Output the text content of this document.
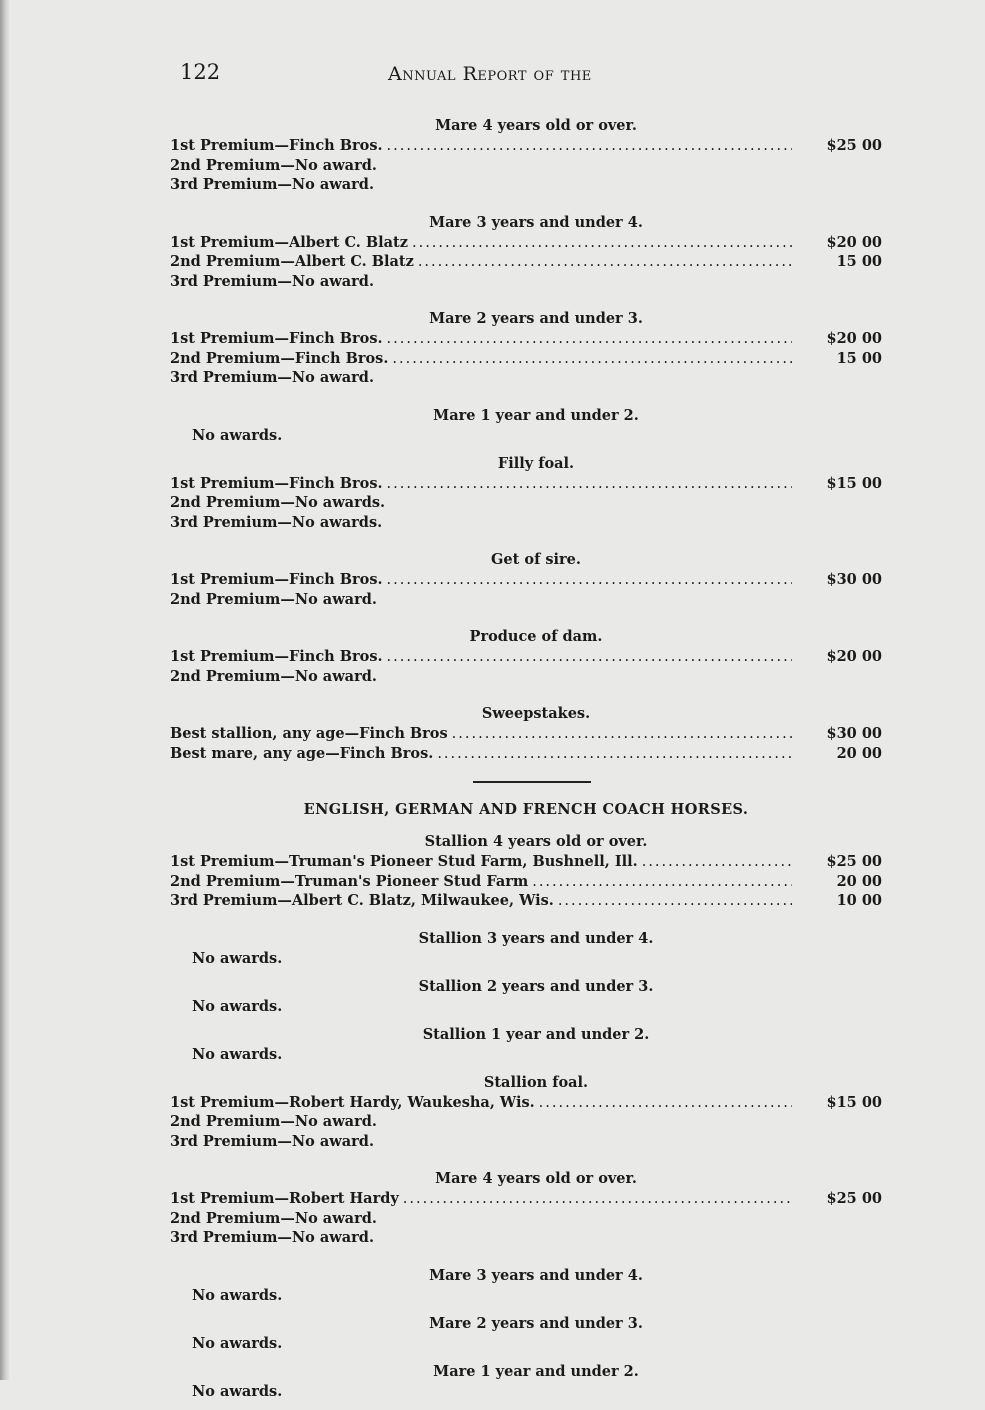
122	Annual Report of the
Mare 4 years old or over.
1st Premium—Finch Bros. .....	$25 00
2nd Premium—No award.
3rd Premium—No award.
Mare 3 years and under 4.
1st Premium—Albert C. Blatz .....	$20 00
2nd Premium—Albert C. Blatz .....	15 00
3rd Premium—No award.
Mare 2 years and under 3.
1st Premium—Finch Bros. .....	$20 00
2nd Premium—Finch Bros. .....	15 00
3rd Premium—No award.
Mare 1 year and under 2.
No awards.
Filly foal.
1st Premium—Finch Bros. .....	$15 00
2nd Premium—No awards.
3rd Premium—No awards.
Get of sire.
1st Premium—Finch Bros. .....	$30 00
2nd Premium—No award.
Produce of dam.
1st Premium—Finch Bros. .....	$20 00
2nd Premium—No award.
Sweepstakes.
Best stallion, any age—Finch Bros .....	$30 00
Best mare, any age—Finch Bros. .....	20 00
ENGLISH, GERMAN AND FRENCH COACH HORSES.
Stallion 4 years old or over.
1st Premium—Truman's Pioneer Stud Farm, Bushnell, Ill. .....	$25 00
2nd Premium—Truman's Pioneer Stud Farm .....	20 00
3rd Premium—Albert C. Blatz, Milwaukee, Wis. .....	10 00
Stallion 3 years and under 4.
No awards.
Stallion 2 years and under 3.
No awards.
Stallion 1 year and under 2.
No awards.
Stallion foal.
1st Premium—Robert Hardy, Waukesha, Wis. .....	$15 00
2nd Premium—No award.
3rd Premium—No award.
Mare 4 years old or over.
1st Premium—Robert Hardy .....	$25 00
2nd Premium—No award.
3rd Premium—No award.
Mare 3 years and under 4.
No awards.
Mare 2 years and under 3.
No awards.
Mare 1 year and under 2.
No awards.
